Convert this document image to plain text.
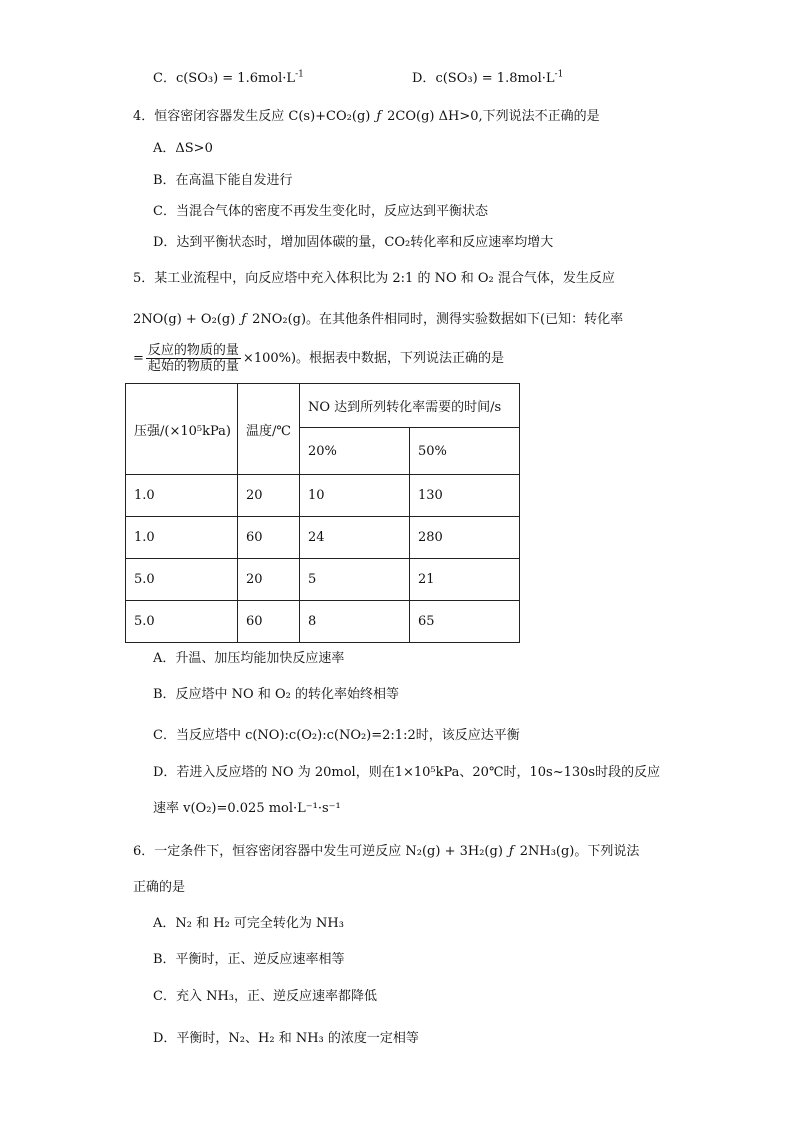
C．$c(SO_3) = 1.6mol\cdot L^{-1}$	D．$c(SO_3) = 1.8mol\cdot L^{-1}$
4．恒容密闭容器发生反应 C(s)+CO₂(g) ƒ 2CO(g) ΔH>0,下列说法不正确的是
A．ΔS>0
B．在高温下能自发进行
C．当混合气体的密度不再发生变化时，反应达到平衡状态
D．达到平衡状态时，增加固体碳的量，CO₂转化率和反应速率均增大
5．某工业流程中，向反应塔中充入体积比为 2:1 的 NO 和 O₂ 混合气体，发生反应
2NO(g) + O₂(g) ƒ 2NO₂(g)。在其他条件相同时，测得实验数据如下(已知：转化率
= $\frac{\text{反应的物质的量}}{\text{起始的物质的量}} \times 100\%$)。根据表中数据，下列说法正确的是
压强/(×10⁵kPa)	温度/℃	NO 达到所列转化率需要的时间/s	
		20%	50%
1.0	20	10	130
1.0	60	24	280
5.0	20	5	21
5.0	60	8	65
A．升温、加压均能加快反应速率
B．反应塔中 NO 和 O₂ 的转化率始终相等
C．当反应塔中 c(NO):c(O₂):c(NO₂)=2:1:2时，该反应达平衡
D．若进入反应塔的 NO 为 20mol，则在1×10⁵kPa、20℃时，10s~130s时段的反应
速率 v(O₂)=0.025 mol·L⁻¹·s⁻¹
6．一定条件下，恒容密闭容器中发生可逆反应 N₂(g) + 3H₂(g) ƒ 2NH₃(g)。下列说法
正确的是
A．N₂ 和 H₂ 可完全转化为 NH₃
B．平衡时，正、逆反应速率相等
C．充入 NH₃，正、逆反应速率都降低
D．平衡时，N₂、H₂ 和 NH₃ 的浓度一定相等
